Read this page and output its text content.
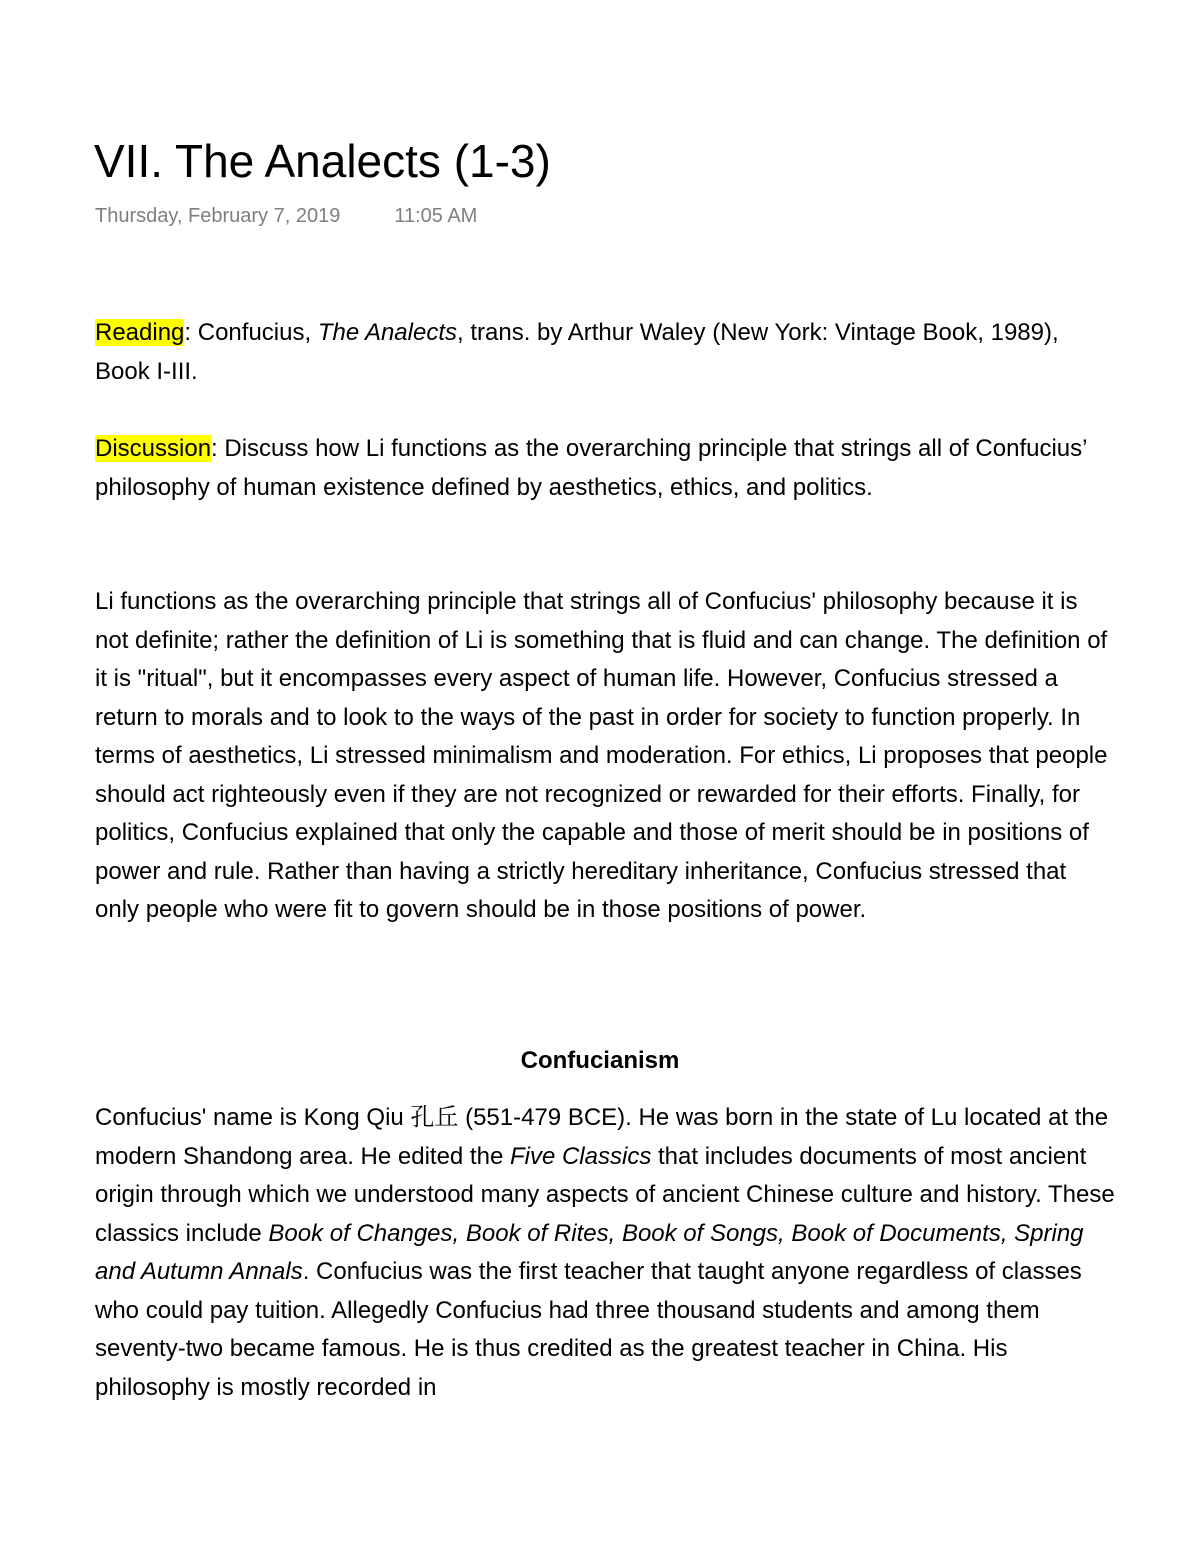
VII. The Analects (1-3)
Thursday, February 7, 2019	11:05 AM

Reading: Confucius, The Analects, trans. by Arthur Waley (New York: Vintage Book, 1989), Book I-III.

Discussion: Discuss how Li functions as the overarching principle that strings all of Confucius’ philosophy of human existence defined by aesthetics, ethics, and politics.

Li functions as the overarching principle that strings all of Confucius' philosophy because it is not definite; rather the definition of Li is something that is fluid and can change. The definition of it is "ritual", but it encompasses every aspect of human life. However, Confucius stressed a return to morals and to look to the ways of the past in order for society to function properly. In terms of aesthetics, Li stressed minimalism and moderation. For ethics, Li proposes that people should act righteously even if they are not recognized or rewarded for their efforts. Finally, for politics, Confucius explained that only the capable and those of merit should be in positions of power and rule. Rather than having a strictly hereditary inheritance, Confucius stressed that only people who were fit to govern should be in those positions of power.

Confucianism

Confucius' name is Kong Qiu 孔丘 (551-479 BCE). He was born in the state of Lu located at the modern Shandong area. He edited the Five Classics that includes documents of most ancient origin through which we understood many aspects of ancient Chinese culture and history. These classics include Book of Changes, Book of Rites, Book of Songs, Book of Documents, Spring and Autumn Annals. Confucius was the first teacher that taught anyone regardless of classes who could pay tuition. Allegedly Confucius had three thousand students and among them seventy-two became famous. He is thus credited as the greatest teacher in China. His philosophy is mostly recorded in
